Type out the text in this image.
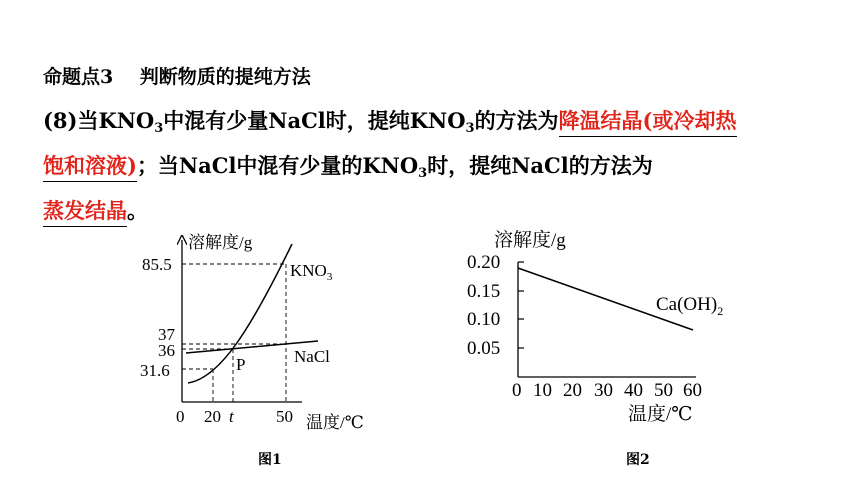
命题点3 判断物质的提纯方法
(8)当$KNO_3$中混有少量NaCl时，提纯$KNO_3$的方法为降温结晶(或冷却热
饱和溶液)；当NaCl中混有少量的$KNO_3$时，提纯NaCl的方法为
蒸发结晶。
85.5
37
36
31.6
0 20 t 50
溶解度/g
温度/℃
P
$KNO_3$
NaCl
溶解度/g
0.20
0.15
0.10
0.05
0 10 20 30 40 50 60
温度/℃
$Ca(OH)_2$
图1	图2
